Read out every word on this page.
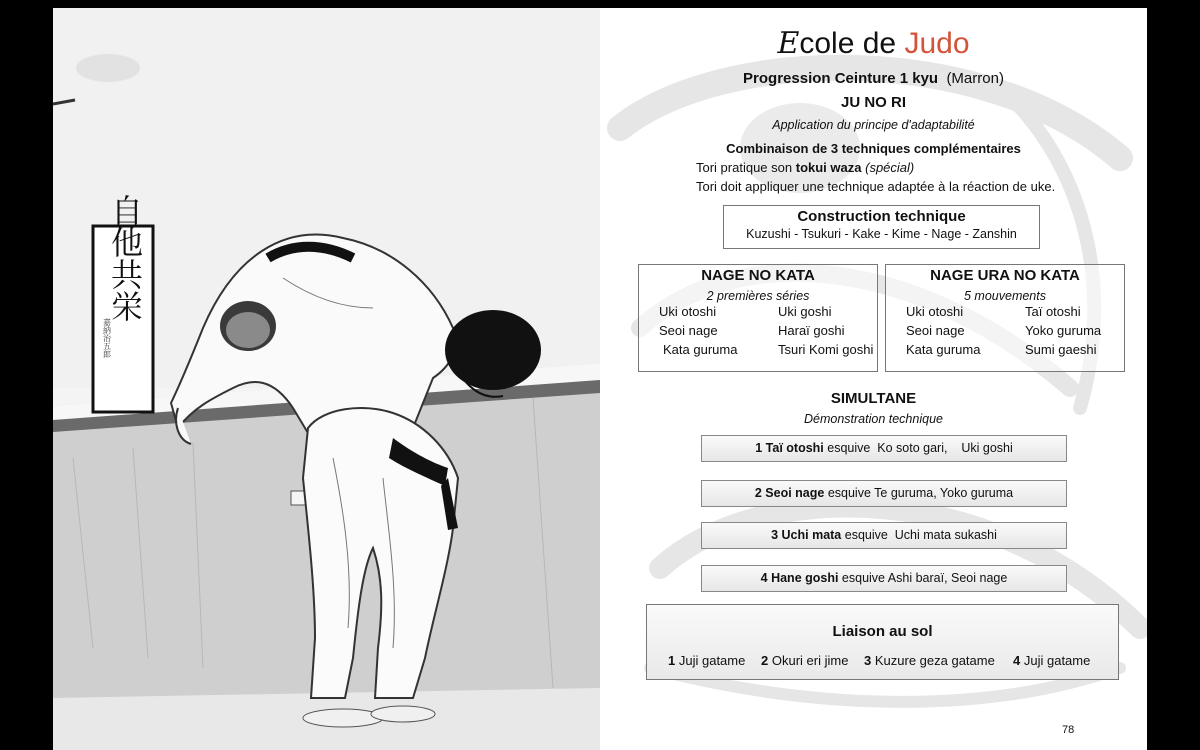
自他共栄
嘉納治五郎
Ecole de Judo
Progression Ceinture 1 kyu (Marron)
JU NO RI
Application du principe d'adaptabilité
Combinaison de 3 techniques complémentaires
Tori pratique son tokui waza (spécial)
Tori doit appliquer une technique adaptée à la réaction de uke.
Construction technique
Kuzushi - Tsukuri - Kake - Kime - Nage - Zanshin
NAGE NO KATA
2 premières séries
Uki otoshi
Seoi nage
Kata guruma
Uki goshi
Haraï goshi
Tsuri Komi goshi
NAGE URA NO KATA
5 mouvements
Uki otoshi
Seoi nage
Kata guruma
Taï otoshi
Yoko guruma
Sumi gaeshi
SIMULTANE
Démonstration technique
1 Taï otoshi esquive  Ko soto gari,    Uki goshi
2 Seoi nage esquive Te guruma, Yoko guruma
3 Uchi mata esquive  Uchi mata sukashi
4 Hane goshi esquive Ashi baraï, Seoi nage
Liaison au sol
1 Juji gatame 2 Okuri eri jime 3 Kuzure geza gatame 4 Juji gatame
78
